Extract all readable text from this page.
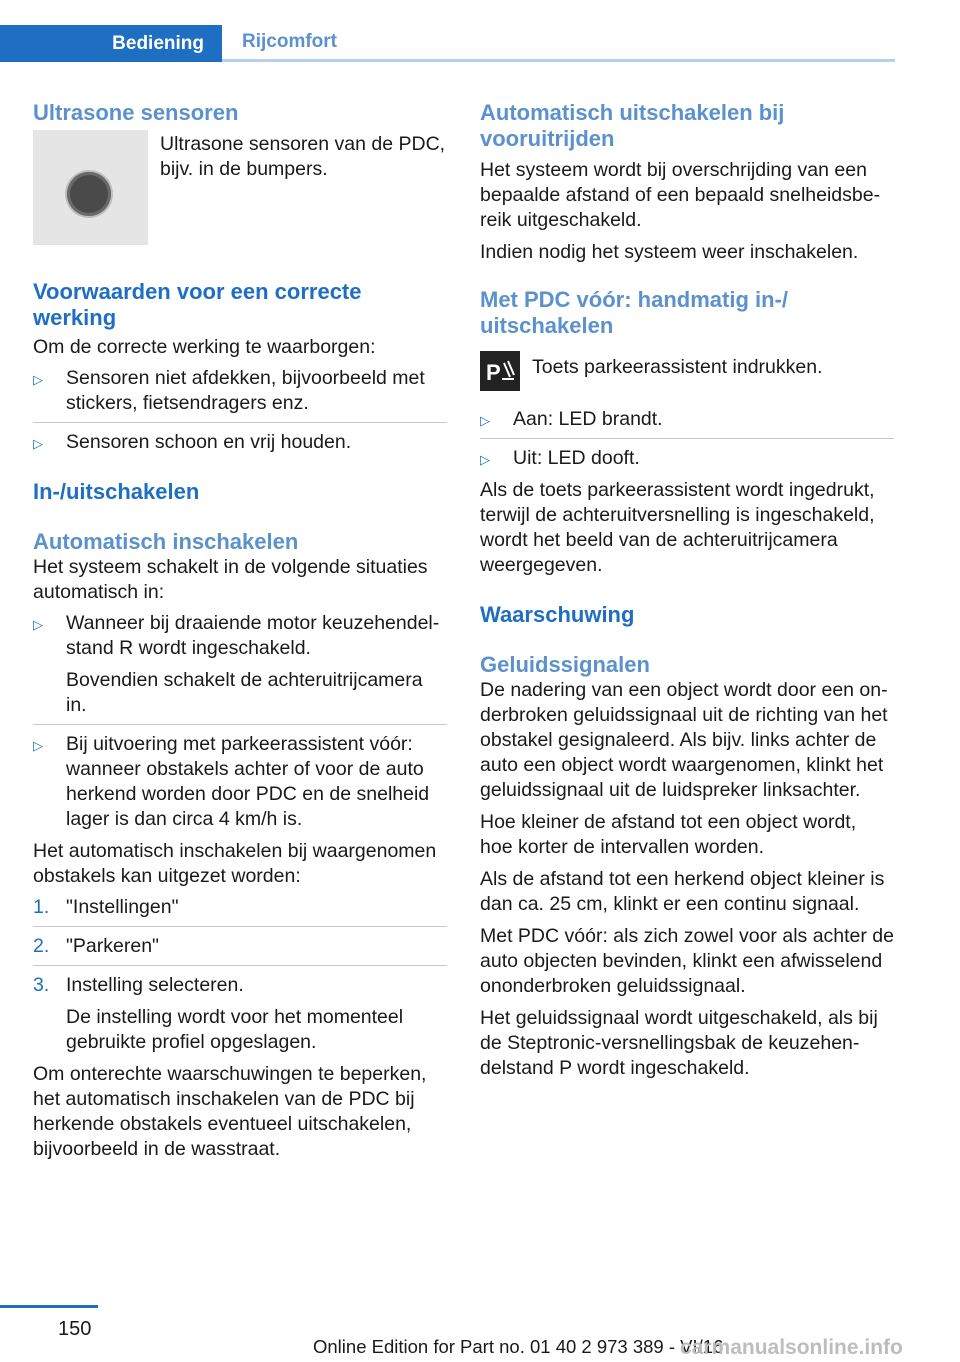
Bediening	Rijcomfort
Ultrasone sensoren

Ultrasone sensoren van de PDC, bijv. in de bumpers.

Voorwaarden voor een correcte werking

Om de correcte werking te waarborgen:

▷ Sensoren niet afdekken, bijvoorbeeld met stickers, fietsendragers enz.
▷ Sensoren schoon en vrij houden.
In-/uitschakelen
Automatisch inschakelen

Het systeem schakelt in de volgende situaties automatisch in:

▷ Wanneer bij draaiende motor keuzehendelstand R wordt ingeschakeld.
Bovendien schakelt de achteruitrijcamera in.
▷ Bij uitvoering met parkeerassistent vóór: wanneer obstakels achter of voor de auto herkend worden door PDC en de snelheid lager is dan circa 4 km/h is.

Het automatisch inschakelen bij waargenomen obstakels kan uitgezet worden:

1. "Instellingen"
2. "Parkeren"
3. Instelling selecteren.
De instelling wordt voor het momenteel gebruikte profiel opgeslagen.

Om onterechte waarschuwingen te beperken, het automatisch inschakelen van de PDC bij herkende obstakels eventueel uitschakelen, bijvoorbeeld in de wasstraat.

Automatisch uitschakelen bij vooruitrijden

Het systeem wordt bij overschrijding van een bepaalde afstand of een bepaald snelheidsbereik uitgeschakeld.

Indien nodig het systeem weer inschakelen.

Met PDC vóór: handmatig in-/ uitschakelen
P	Toets parkeerassistent indrukken.

▷ Aan: LED brandt.
▷ Uit: LED dooft.

Als de toets parkeerassistent wordt ingedrukt, terwijl de achteruitversnelling is ingeschakeld, wordt het beeld van de achteruitrijcamera weergegeven.

Waarschuwing
Geluidssignalen

De nadering van een object wordt door een onderbroken geluidssignaal uit de richting van het obstakel gesignaleerd. Als bijv. links achter de auto een object wordt waargenomen, klinkt het geluidssignaal uit de luidspreker linksachter.

Hoe kleiner de afstand tot een object wordt, hoe korter de intervallen worden.

Als de afstand tot een herkend object kleiner is dan ca. 25 cm, klinkt er een continu signaal.

Met PDC vóór: als zich zowel voor als achter de auto objecten bevinden, klinkt een afwisselend ononderbroken geluidssignaal.

Het geluidssignaal wordt uitgeschakeld, als bij de Steptronic-versnellingsbak de keuzehendelstand P wordt ingeschakeld.

150
Online Edition for Part no. 01 40 2 973 389 - VI/16
carmanualsonline.info
